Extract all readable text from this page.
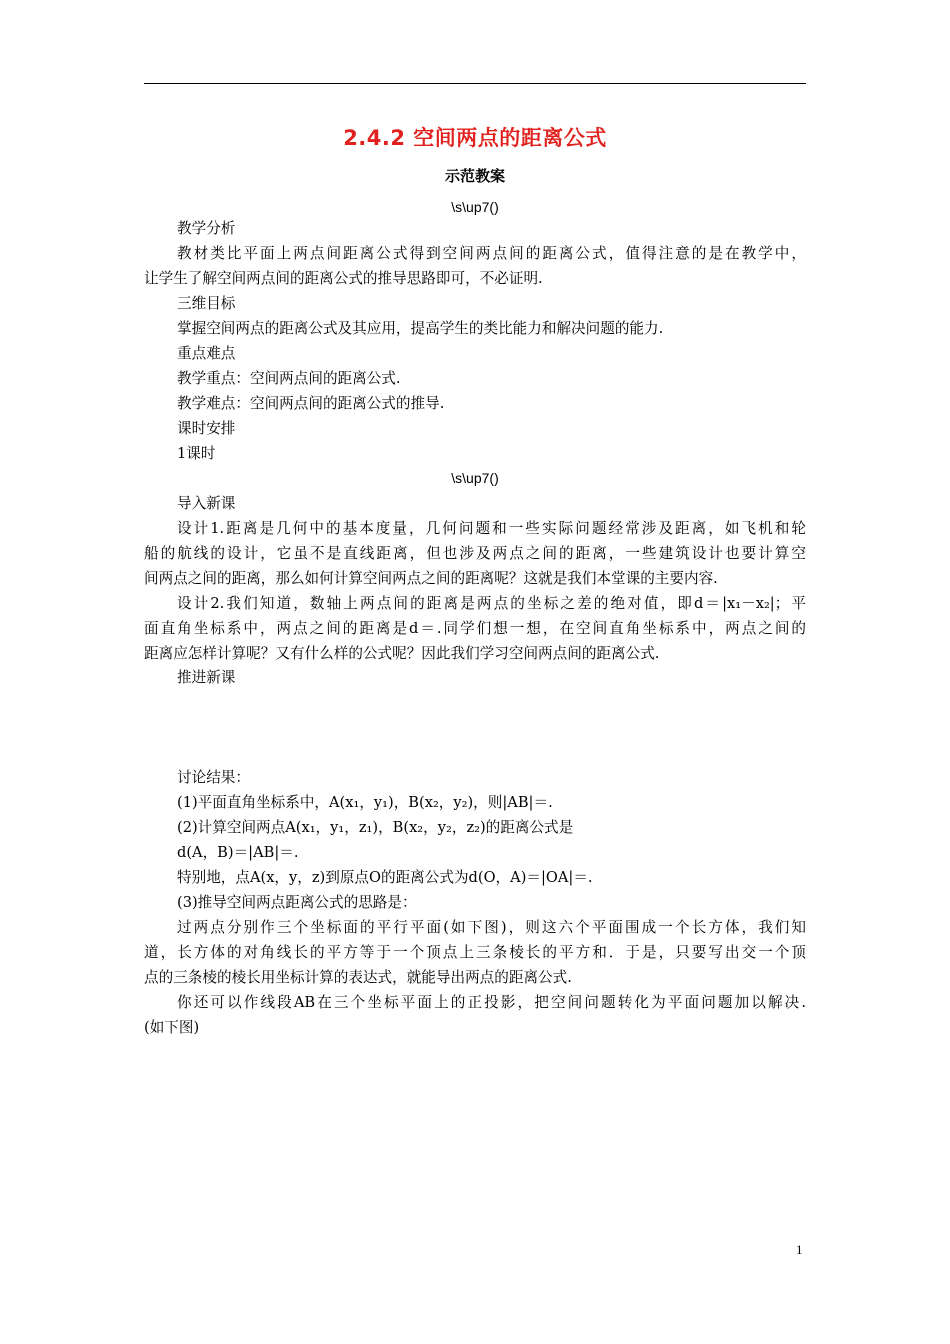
2.4.2 空间两点的距离公式
示范教案
\s\up7()
教学分析
教材类比平面上两点间距离公式得到空间两点间的距离公式，值得注意的是在教学中，
让学生了解空间两点间的距离公式的推导思路即可，不必证明.
三维目标
掌握空间两点的距离公式及其应用，提高学生的类比能力和解决问题的能力.
重点难点
教学重点：空间两点间的距离公式.
教学难点：空间两点间的距离公式的推导.
课时安排
1课时
\s\up7()
导入新课
设计1.距离是几何中的基本度量，几何问题和一些实际问题经常涉及距离，如飞机和轮
船的航线的设计，它虽不是直线距离，但也涉及两点之间的距离，一些建筑设计也要计算空
间两点之间的距离，那么如何计算空间两点之间的距离呢？这就是我们本堂课的主要内容.
设计2.我们知道，数轴上两点间的距离是两点的坐标之差的绝对值，即d＝|x₁－x₂|；平
面直角坐标系中，两点之间的距离是d＝.同学们想一想，在空间直角坐标系中，两点之间的
距离应怎样计算呢？又有什么样的公式呢？因此我们学习空间两点间的距离公式.
推进新课
讨论结果：
(1)平面直角坐标系中，A(x₁，y₁)，B(x₂，y₂)，则|AB|＝.
(2)计算空间两点A(x₁，y₁，z₁)，B(x₂，y₂，z₂)的距离公式是
d(A，B)＝|AB|＝.
特别地，点A(x，y，z)到原点O的距离公式为d(O，A)＝|OA|＝.
(3)推导空间两点距离公式的思路是：
过两点分别作三个坐标面的平行平面(如下图)，则这六个平面围成一个长方体，我们知
道，长方体的对角线长的平方等于一个顶点上三条棱长的平方和．于是，只要写出交一个顶
点的三条棱的棱长用坐标计算的表达式，就能导出两点的距离公式.
你还可以作线段AB在三个坐标平面上的正投影，把空间问题转化为平面问题加以解决.
(如下图)
1
